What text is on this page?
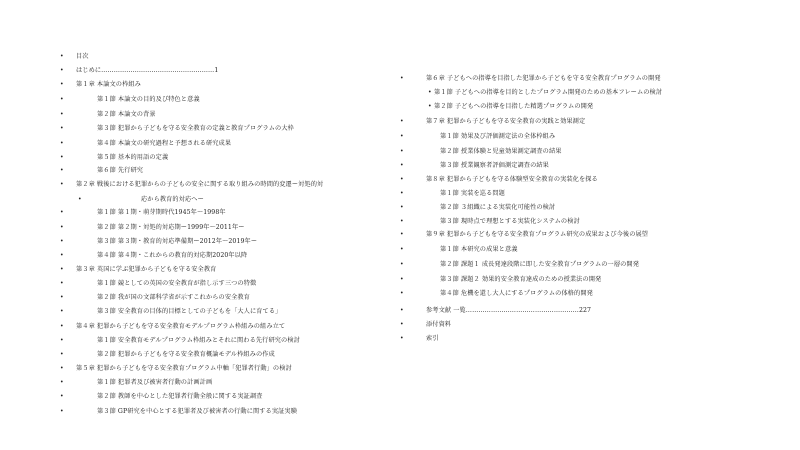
• 目次
• はじめに………………………………………………1
• 第１章 本論文の枠組み
•	第１節 本論文の目的及び特色と意義
•	第２節 本論文の背景
•	第３節 犯罪から子どもを守る安全教育の定義と教育プログラムの大枠
•	第４節 本論文の研究過程と予想される研究成果
•	第５節 基本的用語の定義
•	第６節 先行研究
• 第２章 戦後における犯罪からの子どもの安全に関する取り組みの時間的変遷ー対処的対
•	応から教育的対応へー
•	第１節 第１期・萌芽期時代1945年～1998年
•	第２節 第２期・対処的対応期ー1999年～2011年ー
•	第３節 第３期・教育的対応準備期ー2012年～2019年ー
•	第４節 第４期・これからの教育的対応期2020年以降
• 第３章 英国に学ぶ犯罪から子どもを守る安全教育
•	第１節 競としての英国の安全教育が指し示す三つの特徴
•	第２節 我が国の文部科学省が示すこれからの安全教育
•	第３節 安全教育の目体的目標としての子どもを「大人に育てる」
• 第４章 犯罪から子どもを守る安全教育モデルプログラム枠組みの組み立て
•	第１節 安全教育モデルプログラム枠組みとそれに関わる先行研究の検討
•	第２節 犯罪から子どもを守る安全教育概論モデル枠組みの作成
• 第５章 犯罪から子どもを守る安全教育プログラム中軸「犯罪者行動」の検討
•	第１節 犯罪者及び被害者行動の計画計画
•	第２節 教師を中心とした犯罪者行動全般に関する実証調査
•	第３節 GP研究を中心とする犯罪者及び被害者の行動に関する実証実験
•	第６章 子どもへの指導を目指した犯罪から子どもを守る安全教育プログラムの開発
• 第１節 子どもへの指導を目的としたプログラム開発のための基本フレームの検討
• 第２節 子どもへの指導を目指した精選プログラムの開発
•	第７章 犯罪から子どもを守る安全教育の実践と効果測定
•	第１節 効果及び評価測定法の全体枠組み
•	第２節 授業体験と児童効果測定調査の結果
•	第３節 授業観察者評価測定調査の結果
•	第８章 犯罪から子どもを守る体験型安全教育の実装化を探る
•	第１節 実装を巡る問題
•	第２節 ３組織による実装化可能性の検討
•	第３節 現時点で理想とする実装化システムの検討
•	第９章 犯罪から子どもを守る安全教育プログラム研究の成果および今後の展望
•	第１節 本研究の成果と意義
•	第２節 課題１ 成長発達段階に即した安全教育プログラムの一層の開発
•	第３節 課題２ 効果的安全教育達成のための授業法の開発
•	第４節 危機を還し大人にするプログラムの体格的開発
•	参考文献 一覧………………………………………………227
•	添付資料
•	索引
